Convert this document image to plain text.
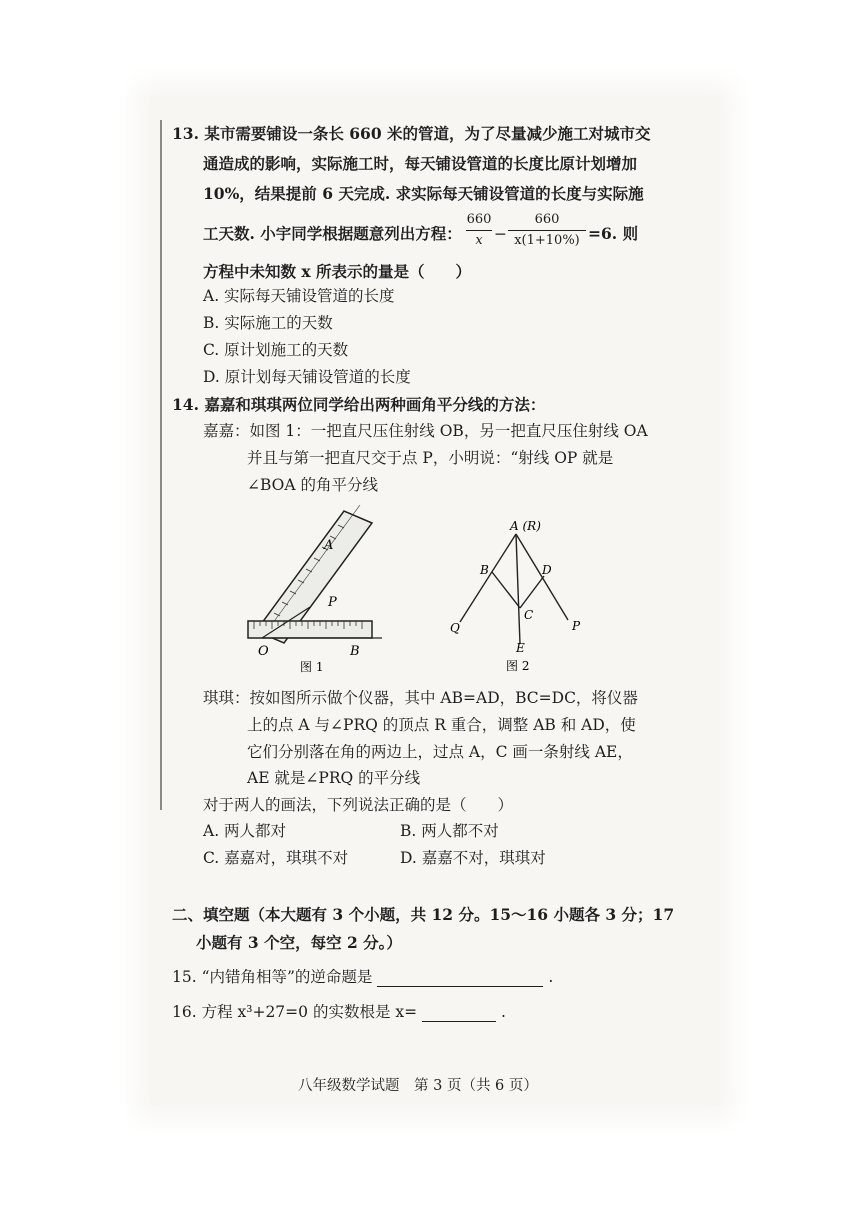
13. 某市需要铺设一条长 660 米的管道，为了尽量减少施工对城市交
通造成的影响，实际施工时，每天铺设管道的长度比原计划增加
10%，结果提前 6 天完成. 求实际每天铺设管道的长度与实际施
工天数. 小宇同学根据题意列出方程：
660
x −
660
x(1+10%) =6. 则
方程中未知数 x 所表示的量是（　　）
A. 实际每天铺设管道的长度
B. 实际施工的天数
C. 原计划施工的天数
D. 原计划每天铺设管道的长度
14. 嘉嘉和琪琪两位同学给出两种画角平分线的方法：
嘉嘉：如图 1：一把直尺压住射线 OB，另一把直尺压住射线 OA
并且与第一把直尺交于点 P，小明说：“射线 OP 就是
∠BOA 的角平分线
A
P
O	B
图 1
A (R)
B	D
C
Q	P
E
图 2
琪琪：按如图所示做个仪器，其中 AB=AD，BC=DC，将仪器
上的点 A 与∠PRQ 的顶点 R 重合，调整 AB 和 AD，使
它们分别落在角的两边上，过点 A，C 画一条射线 AE，
AE 就是∠PRQ 的平分线
对于两人的画法，下列说法正确的是（　　）
A. 两人都对	B. 两人都不对
C. 嘉嘉对，琪琪不对	D. 嘉嘉不对，琪琪对
二、填空题（本大题有 3 个小题，共 12 分。15～16 小题各 3 分；17
小题有 3 个空，每空 2 分。）
15. “内错角相等”的逆命题是	.
16. 方程 x³+27=0 的实数根是 x=	.
八年级数学试题　第 3 页（共 6 页）
